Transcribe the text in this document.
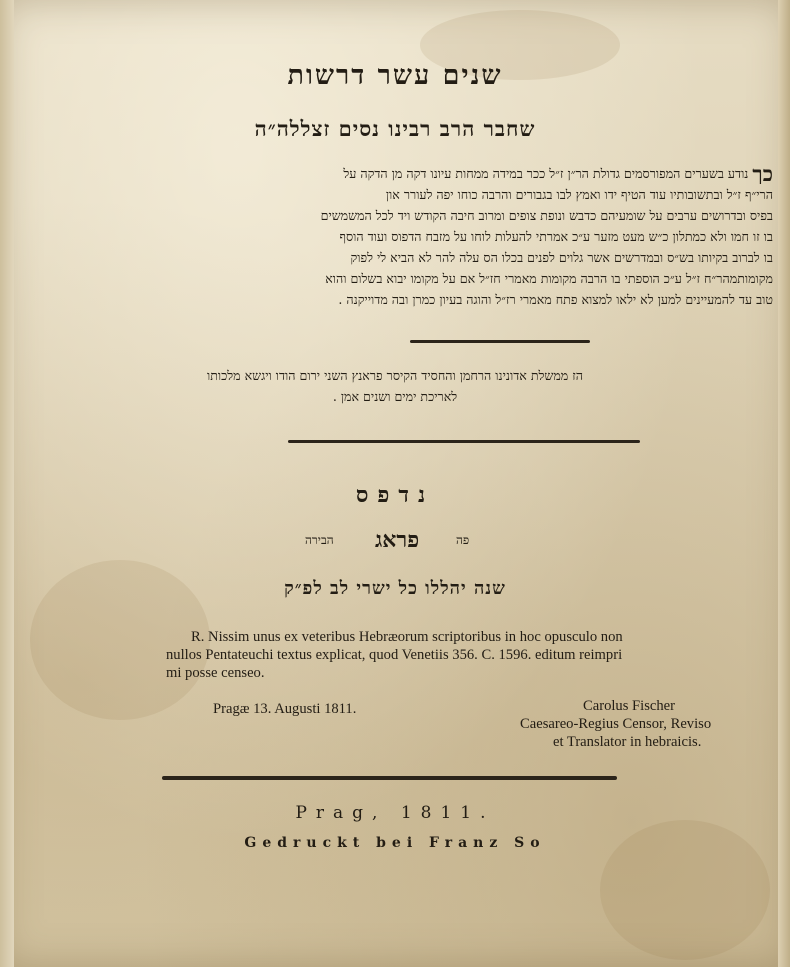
שנים עשר דרשות
שחבר הרב רבינו נסים זצללה״ה
כך
נודע בשערים המפורסמים גדולת הר״ן ז״ל ככר במידה ממחות עיונו דקה מן הדקה על
הרי״ף ז״ל ובתשובותיו עוד הטיף ידו ואמץ לבו בגבורים והרבה כוחו יפה לעורר און
בפיס ובדרושים ערבים על שומעיהם כדבש ונופת צופים ומרוב חיבה הקודש ויד לכל המשמשים
בו זו חמו ולא כמתלון כ״ש מעט מזער ע״כ אמרתי להעלות לוחו על מזבח הדפוס ועוד הוסף
בו לברוב בקיותו בש״ס ובמדרשים אשר גלוים לפנים בכלו הס עלה להר לא הביא לי לפוק
מקומותמהר״ח ז״ל ע״כ הוספתי בו הרבה מקומות מאמרי חז״ל אם על מקומו יבוא בשלום והוא
טוב עד להמעיינים למען לא ילאו למצוא פתח מאמרי רז״ל והוגה בעיון כמרן ובה מדוייקנה .
הז ממשלת אדונינו הרחמן והחסיד הקיסר פראנץ השני ירום הודו ויגשא מלכותו
לאריכת ימים ושנים אמן .
נדפס
פה
פראג
הבירה
שנה יהללו כל ישרי לב לפ״ק
R. Nissim unus ex veteribus Hebræorum scriptoribus in hoc opusculo non
nullos Pentateuchi textus explicat, quod Venetiis 356. C. 1596. editum reimpri
mi posse censeo.
Pragæ 13. Augusti 1811.	Carolus Fischer
Caesareo-Regius Censor, Reviso
et Translator in hebraicis.
Prag, 1811.
Gedruckt bei Franz So
